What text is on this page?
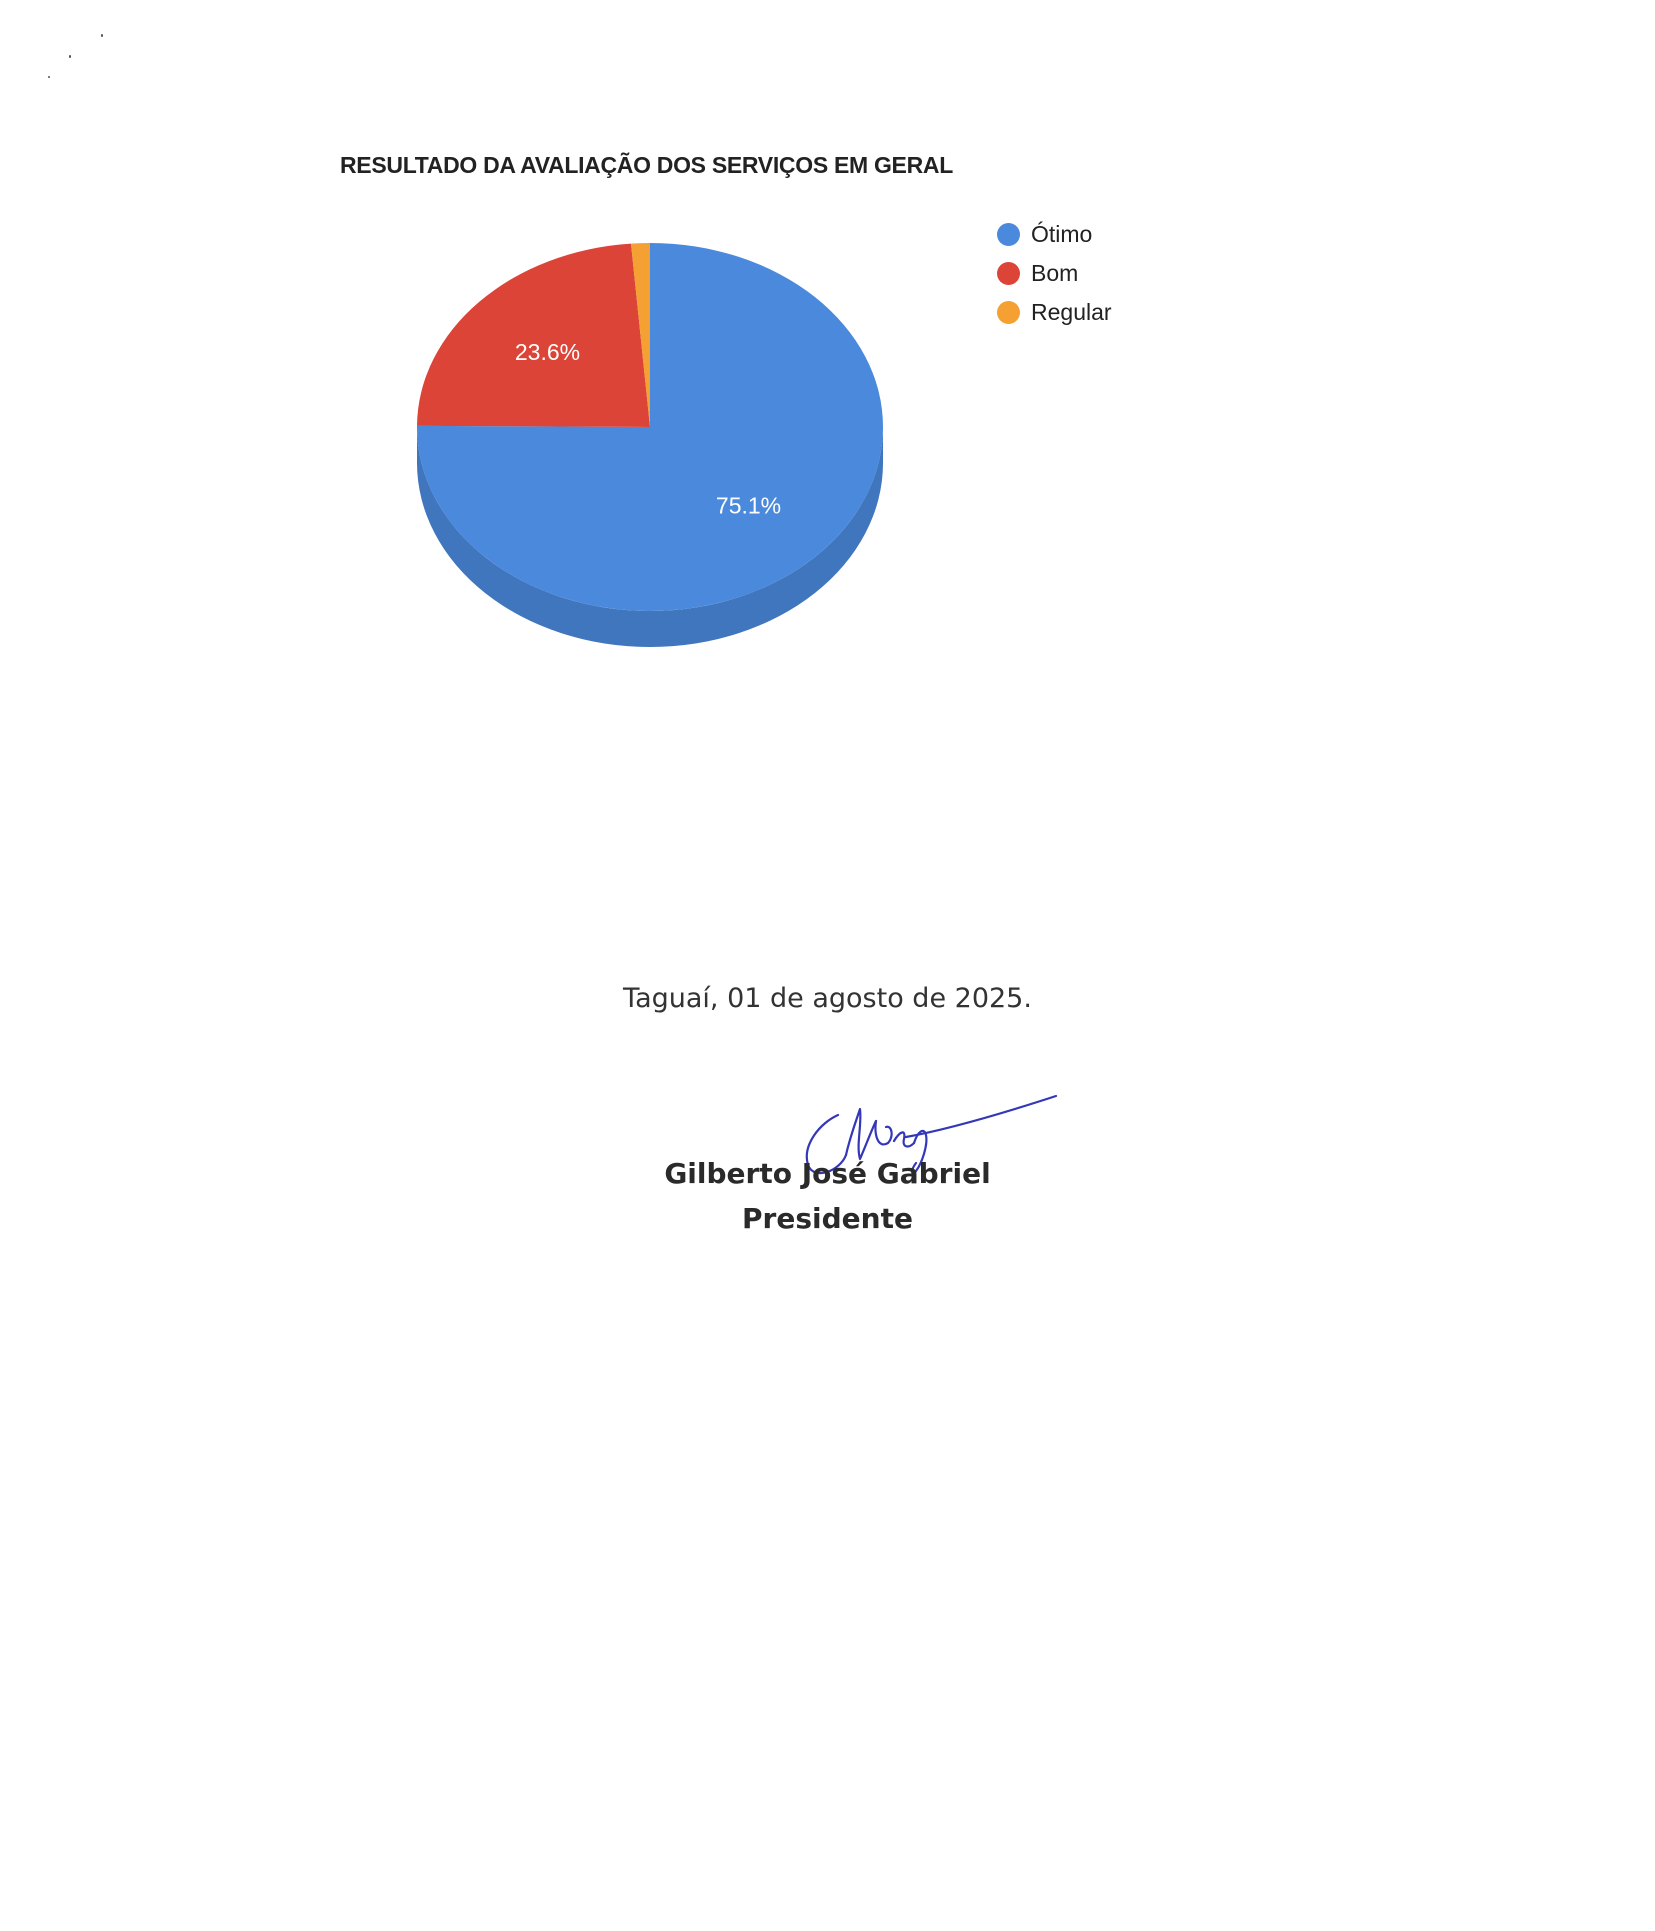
RESULTADO DA AVALIAÇÃO DOS SERVIÇOS EM GERAL
75.1%
23.6%
Ótimo
Bom
Regular
Taguaí, 01 de agosto de 2025.
Gilberto José Gabriel
Presidente
